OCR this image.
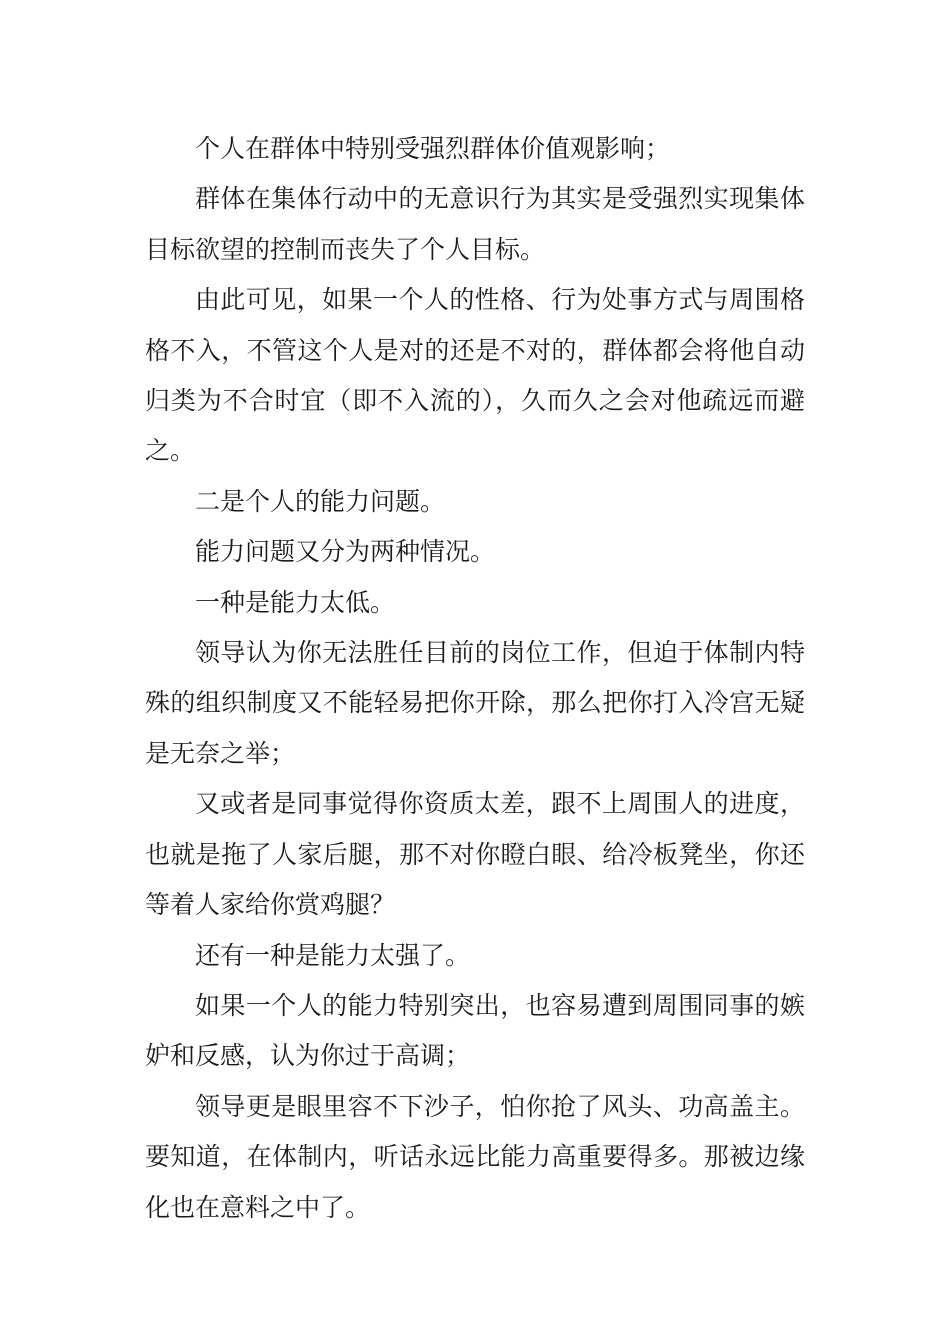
个人在群体中特别受强烈群体价值观影响；

群体在集体行动中的无意识行为其实是受强烈实现集体目标欲望的控制而丧失了个人目标。

由此可见，如果一个人的性格、行为处事方式与周围格格不入，不管这个人是对的还是不对的，群体都会将他自动归类为不合时宜（即不入流的），久而久之会对他疏远而避之。

二是个人的能力问题。

能力问题又分为两种情况。

一种是能力太低。

领导认为你无法胜任目前的岗位工作，但迫于体制内特殊的组织制度又不能轻易把你开除，那么把你打入冷宫无疑是无奈之举；

又或者是同事觉得你资质太差，跟不上周围人的进度，也就是拖了人家后腿，那不对你瞪白眼、给冷板凳坐，你还等着人家给你赏鸡腿？

还有一种是能力太强了。

如果一个人的能力特别突出，也容易遭到周围同事的嫉妒和反感，认为你过于高调；

领导更是眼里容不下沙子，怕你抢了风头、功高盖主。要知道，在体制内，听话永远比能力高重要得多。那被边缘化也在意料之中了。
